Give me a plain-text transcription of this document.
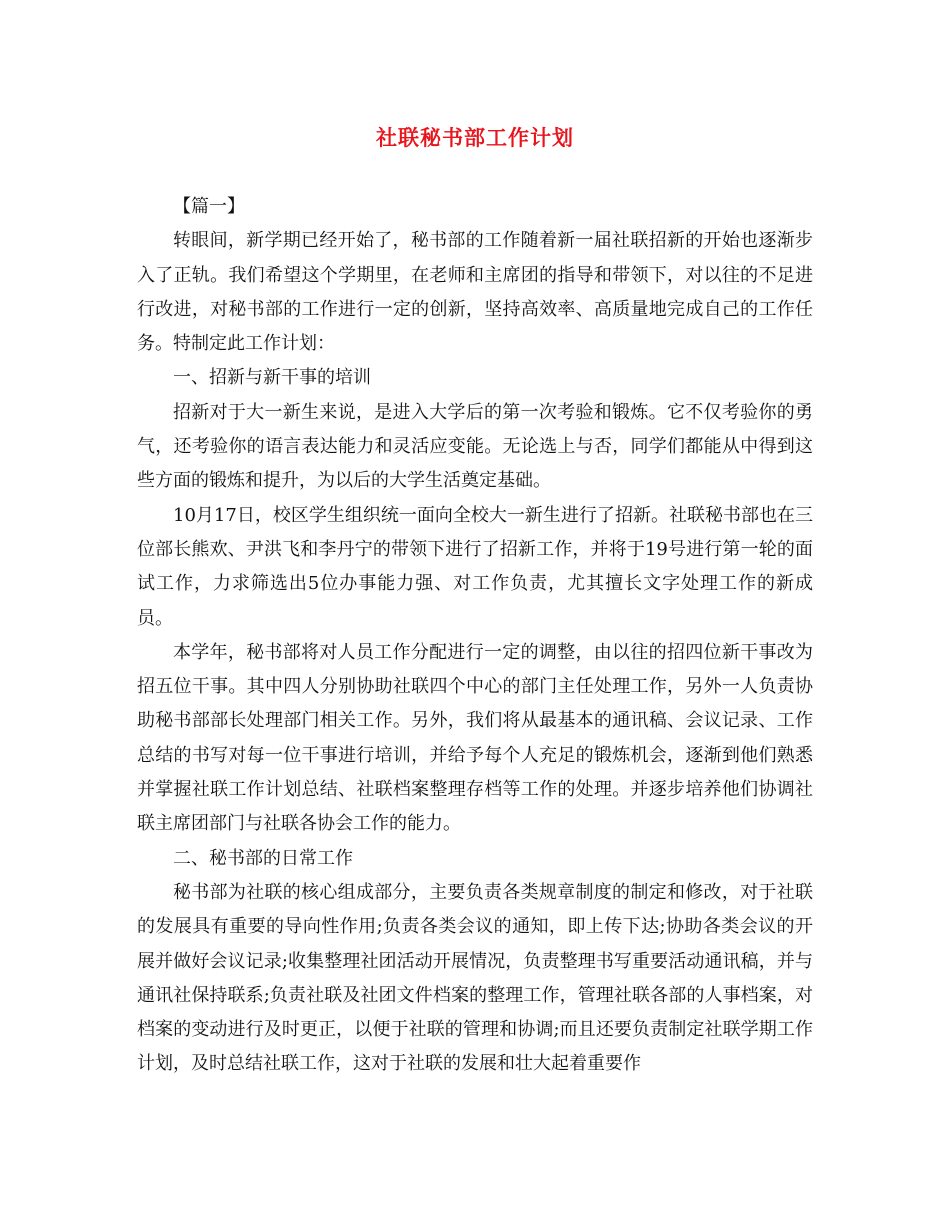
社联秘书部工作计划

【篇一】

转眼间，新学期已经开始了，秘书部的工作随着新一届社联招新的开始也逐渐步入了正轨。我们希望这个学期里，在老师和主席团的指导和带领下，对以往的不足进行改进，对秘书部的工作进行一定的创新，坚持高效率、高质量地完成自己的工作任务。特制定此工作计划：

一、招新与新干事的培训

招新对于大一新生来说，是进入大学后的第一次考验和锻炼。它不仅考验你的勇气，还考验你的语言表达能力和灵活应变能。无论选上与否，同学们都能从中得到这些方面的锻炼和提升，为以后的大学生活奠定基础。

10月17日，校区学生组织统一面向全校大一新生进行了招新。社联秘书部也在三位部长熊欢、尹洪飞和李丹宁的带领下进行了招新工作，并将于19号进行第一轮的面试工作，力求筛选出5位办事能力强、对工作负责，尤其擅长文字处理工作的新成员。

本学年，秘书部将对人员工作分配进行一定的调整，由以往的招四位新干事改为招五位干事。其中四人分别协助社联四个中心的部门主任处理工作，另外一人负责协助秘书部部长处理部门相关工作。另外，我们将从最基本的通讯稿、会议记录、工作总结的书写对每一位干事进行培训，并给予每个人充足的锻炼机会，逐渐到他们熟悉并掌握社联工作计划总结、社联档案整理存档等工作的处理。并逐步培养他们协调社联主席团部门与社联各协会工作的能力。

二、秘书部的日常工作

秘书部为社联的核心组成部分，主要负责各类规章制度的制定和修改，对于社联的发展具有重要的导向性作用;负责各类会议的通知，即上传下达;协助各类会议的开展并做好会议记录;收集整理社团活动开展情况，负责整理书写重要活动通讯稿，并与通讯社保持联系;负责社联及社团文件档案的整理工作，管理社联各部的人事档案，对档案的变动进行及时更正，以便于社联的管理和协调;而且还要负责制定社联学期工作计划，及时总结社联工作，这对于社联的发展和壮大起着重要作
